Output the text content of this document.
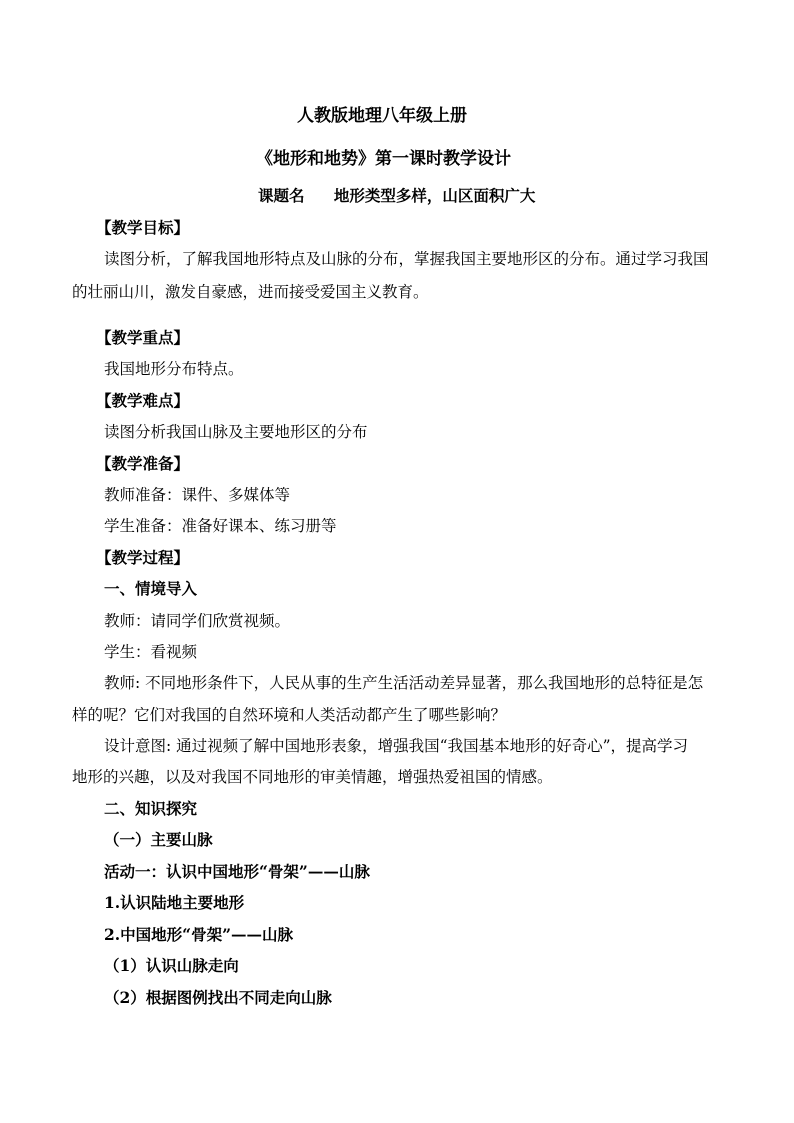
人教版地理八年级上册
《地形和地势》第一课时教学设计
课题名 地形类型多样，山区面积广大
【教学目标】
读图分析，了解我国地形特点及山脉的分布，掌握我国主要地形区的分布。通过学习我国
的壮丽山川，激发自豪感，进而接受爱国主义教育。
【教学重点】
我国地形分布特点。
【教学难点】
读图分析我国山脉及主要地形区的分布
【教学准备】
教师准备：课件、多媒体等
学生准备：准备好课本、练习册等
【教学过程】
一、情境导入
教师：请同学们欣赏视频。
学生：看视频
教师: 不同地形条件下，人民从事的生产生活活动差异显著，那么我国地形的总特征是怎
样的呢？它们对我国的自然环境和人类活动都产生了哪些影响？
设计意图: 通过视频了解中国地形表象，增强我国“我国基本地形的好奇心”，提高学习
地形的兴趣，以及对我国不同地形的审美情趣，增强热爱祖国的情感。
二、知识探究
（一）主要山脉
活动一：认识中国地形“骨架”——山脉
1.认识陆地主要地形
2.中国地形“骨架”——山脉
（1）认识山脉走向
（2）根据图例找出不同走向山脉
